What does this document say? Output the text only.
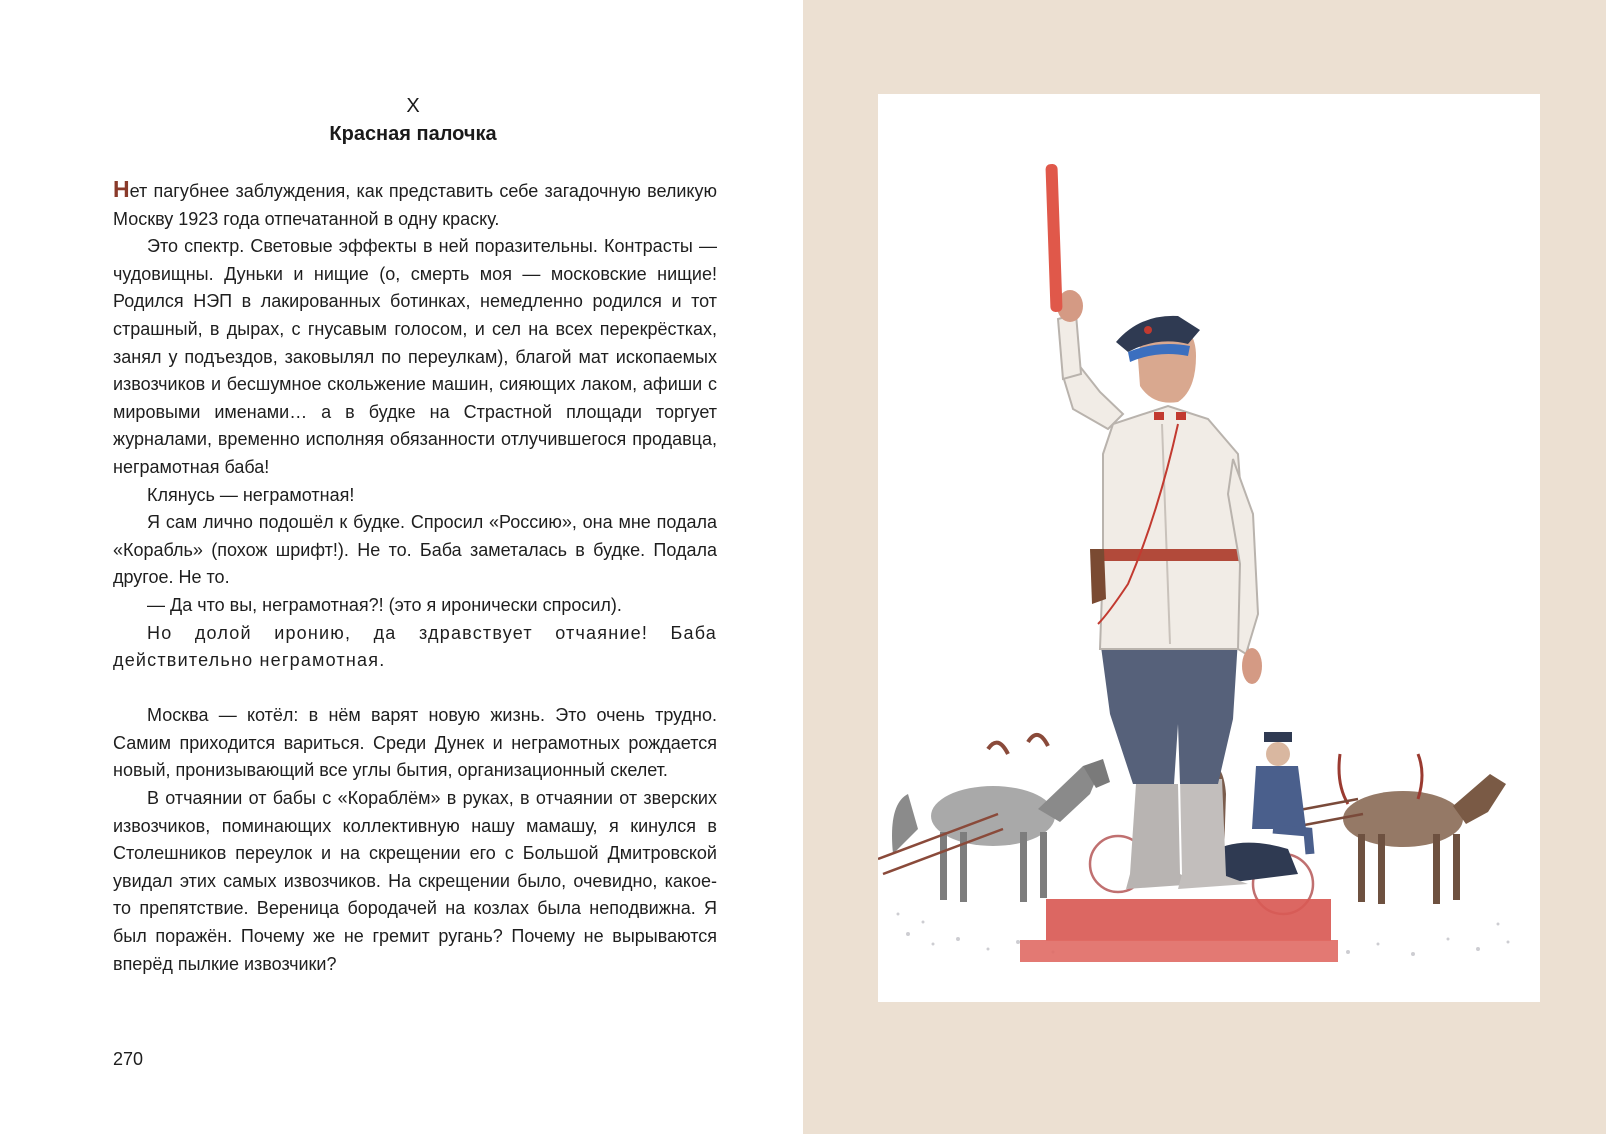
X
Красная палочка

Нет пагубнее заблуждения, как представить себе загадочную великую Москву 1923 года отпечатанной в одну краску.

Это спектр. Световые эффекты в ней поразительны. Контрасты — чудовищны. Дуньки и нищие (о, смерть моя — московские нищие! Родился НЭП в лакированных ботинках, немедленно родился и тот страшный, в дырах, с гнусавым голосом, и сел на всех перекрёстках, занял у подъездов, заковылял по переулкам), благой мат ископаемых извозчиков и бесшумное скольжение машин, сияющих лаком, афиши с мировыми именами… а в будке на Страстной площади торгует журналами, временно исполняя обязанности отлучившегося продавца, неграмотная баба!

Клянусь — неграмотная!

Я сам лично подошёл к будке. Спросил «Россию», она мне подала «Корабль» (похож шрифт!). Не то. Баба заметалась в будке. Подала другое. Не то.

— Да что вы, неграмотная?! (это я иронически спросил).

Но долой иронию, да здравствует отчаяние! Баба действительно неграмотная.

Москва — котёл: в нём варят новую жизнь. Это очень трудно. Самим приходится вариться. Среди Дунек и неграмотных рождается новый, пронизывающий все углы бытия, организационный скелет.

В отчаянии от бабы с «Кораблём» в руках, в отчаянии от зверских извозчиков, поминающих коллективную нашу мамашу, я кинулся в Столешников переулок и на скрещении его с Большой Дмитровской увидал этих самых извозчиков. На скрещении было, очевидно, какое-то препятствие. Вереница бородачей на козлах была неподвижна. Я был поражён. Почему же не гремит ругань? Почему не вырываются вперёд пылкие извозчики?

270
